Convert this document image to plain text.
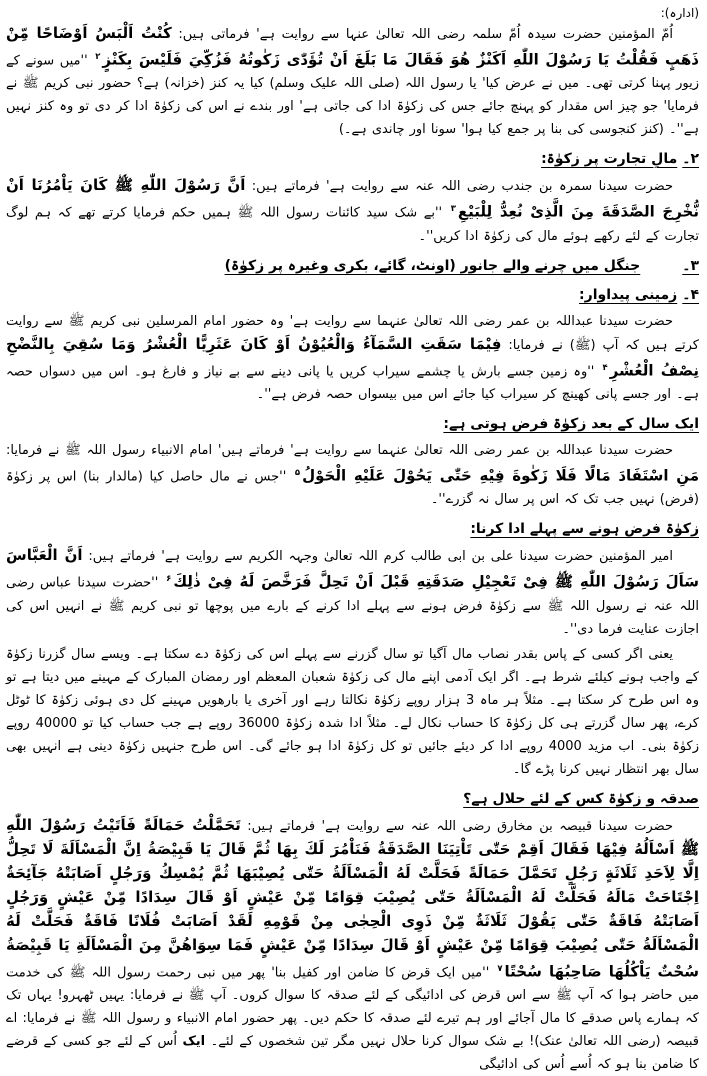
(ادارہ):

اُمّ المؤمنین حضرت سیدہ اُمّ سلمہ رضی اللہ تعالیٰ عنہا سے روایت ہے' فرماتی ہیں: كُنْتُ اَلْبَسُ اَوْضَاحًا مِّنْ ذَهَبٍ فَقُلْتُ يَا رَسُوْلَ اللّٰهِ اَكَنْزٌ هُوَ فَقَالَ مَا بَلَغَ اَنْ تُؤَدّٰى زَكٰوتُهُ فَزُكِّيَ فَلَيْسَ بِكَنْزٍ$^۲$ ''میں سونے کے زیور پہنا کرتی تھی۔ میں نے عرض کیا' یا رسول اللہ (صلی اللہ علیک وسلم) کیا یہ کنز (خزانہ) ہے؟ حضور نبی کریم ﷺ نے فرمایا' جو چیز اس مقدار کو پہنچ جائے جس کی زکوٰۃ ادا کی جاتی ہے' اور بندے نے اس کی زکوٰۃ ادا کر دی تو وہ کنز نہیں ہے''۔ (کنز کنجوسی کی بنا پر جمع کیا ہوا' سونا اور چاندی ہے۔)

۲۔مالِ تجارت پر زکوٰۃ:

حضرت سیدنا سمرہ بن جندب رضی اللہ عنہ سے روایت ہے' فرماتے ہیں: اَنَّ رَسُوْلَ اللّٰهِ ﷺ كَانَ يَاْمُرُنَا اَنْ نُّخْرِجَ الصَّدَقَةَ مِنَ الَّذِىْ نُعِدُّ لِلْبَيْعِ$^۳$ ''بے شک سید کائنات رسول اللہ ﷺ ہمیں حکم فرمایا کرتے تھے کہ ہم لوگ تجارت کے لئے رکھے ہوئے مال کی زکوٰۃ ادا کریں''۔

۳۔جنگل میں چرنے والے جانور (اونٹ، گائے، بکری وغیرہ پر زکوٰۃ)
۴۔زمینی پیداوار:

حضرت سیدنا عبداللہ بن عمر رضی اللہ تعالیٰ عنہما سے روایت ہے' وہ حضور امام المرسلین نبی کریم ﷺ سے روایت کرتے ہیں کہ آپ (ﷺ) نے فرمایا: فِيْمَا سَقَتِ السَّمَآءُ وَالْعُيُوْنُ اَوْ كَانَ عَثَرِيًّا الْعُشْرُ وَمَا سُقِيَ بِالنَّضْحِ نِصْفُ الْعُشْرِ$^۴$ ''وہ زمین جسے بارش یا چشمے سیراب کریں یا پانی دینے سے بے نیاز و فارغ ہو۔ اس میں دسواں حصہ ہے۔ اور جسے پانی کھینچ کر سیراب کیا جائے اس میں بیسواں حصہ فرض ہے''۔

ایک سال کے بعد زکوٰۃ فرض ہوتی ہے:

حضرت سیدنا عبداللہ بن عمر رضی اللہ تعالیٰ عنہما سے روایت ہے' فرماتے ہیں' امام الانبیاء رسول اللہ ﷺ نے فرمایا: مَنِ اسْتَفَادَ مَالًا فَلَا زَكٰوةَ فِيْهِ حَتّٰى يَحُوْلَ عَلَيْهِ الْحَوْلُ$^۵$ ''جس نے مال حاصل کیا (مالدار بنا) اس پر زکوٰۃ (فرض) نہیں جب تک کہ اس پر سال نہ گزرے''۔

زکوٰۃ فرض ہونے سے پہلے ادا کرنا:

امیر المؤمنین حضرت سیدنا علی بن ابی طالب کرم اللہ تعالیٰ وجہہ الکریم سے روایت ہے' فرماتے ہیں: اَنَّ الْعَبَّاسَ سَاَلَ رَسُوْلَ اللّٰهِ ﷺ فِىْ تَعْجِيْلِ صَدَقَتِهِ قَبْلَ اَنْ تَحِلَّ فَرَخَّصَ لَهُ فِىْ ذٰلِكَ$^۶$ ''حضرت سیدنا عباس رضی اللہ عنہ نے رسول اللہ ﷺ سے زکوٰۃ فرض ہونے سے پہلے ادا کرنے کے بارے میں پوچھا تو نبی کریم ﷺ نے انہیں اس کی اجازت عنایت فرما دی''۔

یعنی اگر کسی کے پاس بقدر نصاب مال آگیا تو سال گزرنے سے پہلے اس کی زکوٰۃ دے سکتا ہے۔ ویسے سال گزرنا زکوٰۃ کے واجب ہونے کیلئے شرط ہے۔ اگر ایک آدمی اپنے مال کی زکوٰۃ شعبان المعظم اور رمضان المبارک کے مہینے میں دیتا ہے تو وہ اس طرح کر سکتا ہے۔ مثلاً ہر ماہ 3 ہزار روپے زکوٰۃ نکالتا رہے اور آخری یا بارھویں مہینے کل دی ہوئی زکوٰۃ کا ٹوٹل کرے، پھر سال گزرتے ہی کل زکوٰۃ کا حساب نکال لے۔ مثلاً ادا شدہ زکوٰۃ 36000 روپے ہے جب حساب کیا تو 40000 روپے زکوٰۃ بنی۔ اب مزید 4000 روپے ادا کر دیئے جائیں تو کل زکوٰۃ ادا ہو جائے گی۔ اس طرح جنہیں زکوٰۃ دینی ہے انہیں بھی سال بھر انتظار نہیں کرنا پڑے گا۔

صدقہ و زکوٰۃ کس کے لئے حلال ہے؟

حضرت سیدنا قبیصہ بن مخارق رضی اللہ عنہ سے روایت ہے' فرماتے ہیں: تَحَمَّلْتُ حَمَالَةً فَاَتَيْتُ رَسُوْلَ اللّٰهِ ﷺ اَسْاَلُهُ فِيْهَا فَقَالَ اَقِمْ حَتّٰى تَاْتِيَنَا الصَّدَقَةُ فَنَاْمُرَ لَكَ بِهَا ثُمَّ قَالَ يَا قَبِيْصَةُ اِنَّ الْمَسْاَلَةَ لَا تَحِلُّ اِلَّا لِاَحَدِ ثَلَاثَةٍ رَجُلٍ تَحَمَّلَ حَمَالَةً فَحَلَّتْ لَهُ الْمَسْاَلَةُ حَتّٰى يُصِيْبَهَا ثُمَّ يُمْسِكُ وَرَجُلٍ اَصَابَتْهُ جَآئِحَةٌ اِجْتَاحَتْ مَالَهُ فَحَلَّتْ لَهُ الْمَسْاَلَةُ حَتّٰى يُصِيْبَ قِوَامًا مِّنْ عَيْشٍ اَوْ قَالَ سِدَادًا مِّنْ عَيْشٍ وَرَجُلٍ اَصَابَتْهُ فَاقَةٌ حَتّٰى يَقُوْلَ ثَلَاثَةٌ مِّنْ ذَوِى الْحِجٰى مِنْ قَوْمِهِ لَقَدْ اَصَابَتْ فُلَانًا فَاقَةٌ فَحَلَّتْ لَهُ الْمَسْاَلَةُ حَتّٰى يُصِيْبَ قِوَامًا مِّنْ عَيْشٍ اَوْ قَالَ سِدَادًا مِّنْ عَيْشٍ فَمَا سِوَاهُنَّ مِنَ الْمَسْاَلَةِ يَا قَبِيْصَةُ سُحْتٌ يَاْكُلُهَا صَاحِبُهَا سُحْتًا$^۷$ ''میں ایک قرض کا ضامن اور کفیل بنا' پھر میں نبی رحمت رسول اللہ ﷺ کی خدمت میں حاضر ہوا کہ آپ ﷺ سے اس قرض کی ادائیگی کے لئے صدقہ کا سوال کروں۔ آپ ﷺ نے فرمایا: یہیں ٹھہرو! یہاں تک کہ ہمارے پاس صدقے کا مال آجائے اور ہم تیرے لئے صدقہ کا حکم دیں۔ پھر حضور امام الانبیاء و رسول اللہ ﷺ نے فرمایا: اے قبیصہ (رضی اللہ تعالیٰ عنک)! بے شک سوال کرنا حلال نہیں مگر تین شخصوں کے لئے۔ ایک اُس کے لئے جو کسی کے قرضے کا ضامن بنا ہو کہ اُسے اُس کی ادائیگی
